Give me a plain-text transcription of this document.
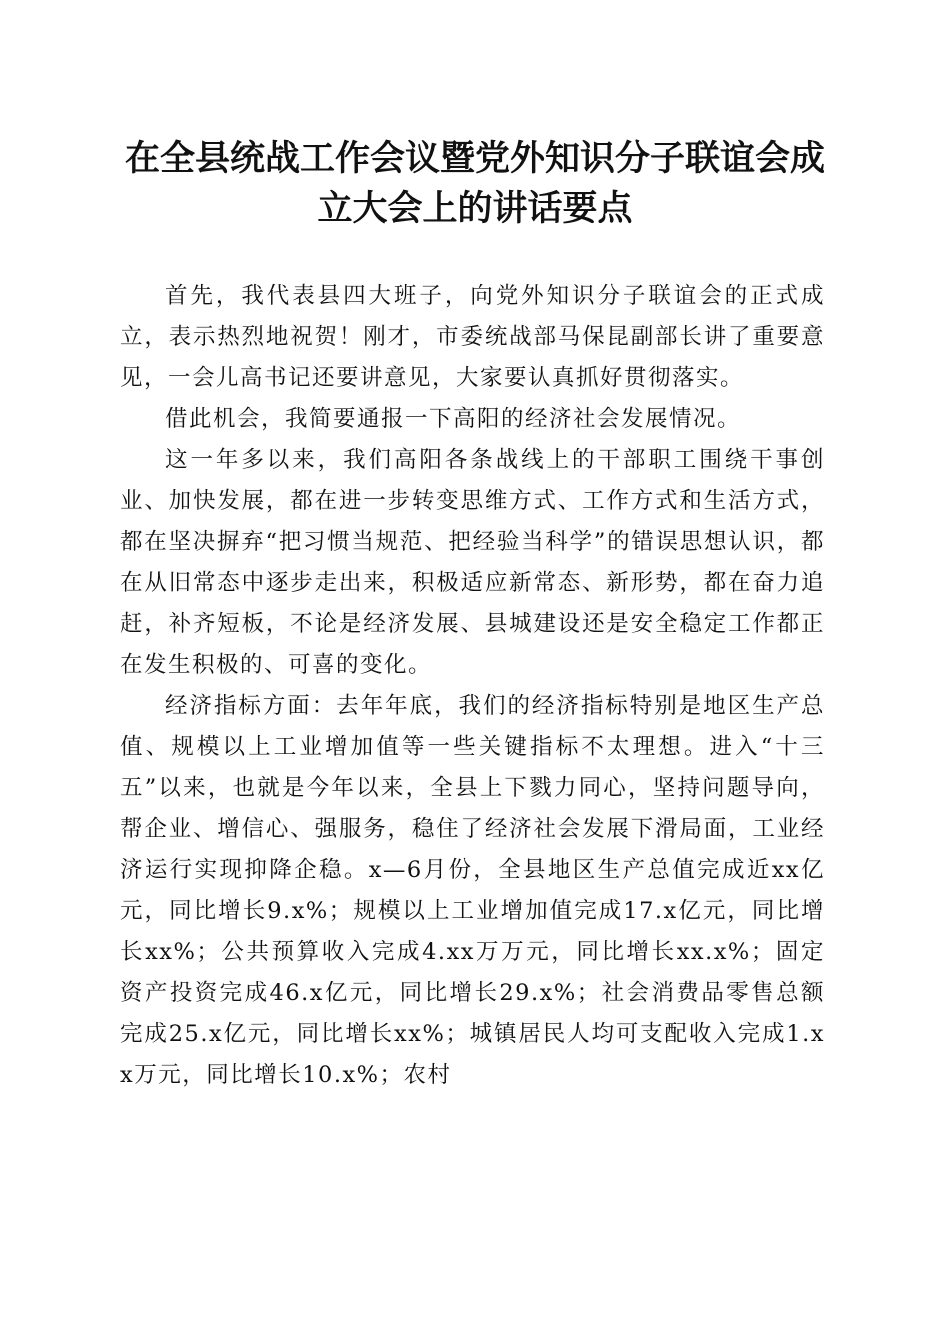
在全县统战工作会议暨党外知识分子联谊会成
立大会上的讲话要点

首先，我代表县四大班子，向党外知识分子联谊会的正式成立，表示热烈地祝贺！刚才，市委统战部马保昆副部长讲了重要意见，一会儿高书记还要讲意见，大家要认真抓好贯彻落实。

借此机会，我简要通报一下高阳的经济社会发展情况。

这一年多以来，我们高阳各条战线上的干部职工围绕干事创业、加快发展，都在进一步转变思维方式、工作方式和生活方式，都在坚决摒弃“把习惯当规范、把经验当科学”的错误思想认识，都在从旧常态中逐步走出来，积极适应新常态、新形势，都在奋力追赶，补齐短板，不论是经济发展、县城建设还是安全稳定工作都正在发生积极的、可喜的变化。

经济指标方面：去年年底，我们的经济指标特别是地区生产总值、规模以上工业增加值等一些关键指标不太理想。进入“十三五”以来，也就是今年以来，全县上下戮力同心，坚持问题导向，帮企业、增信心、强服务，稳住了经济社会发展下滑局面，工业经济运行实现抑降企稳。x—6月份，全县地区生产总值完成近xx亿元，同比增长9.x%；规模以上工业增加值完成17.x亿元，同比增长xx%；公共预算收入完成4.xx万万元，同比增长xx.x%；固定资产投资完成46.x亿元，同比增长29.x%；社会消费品零售总额完成25.x亿元，同比增长xx%；城镇居民人均可支配收入完成1.xx万元，同比增长10.x%；农村
